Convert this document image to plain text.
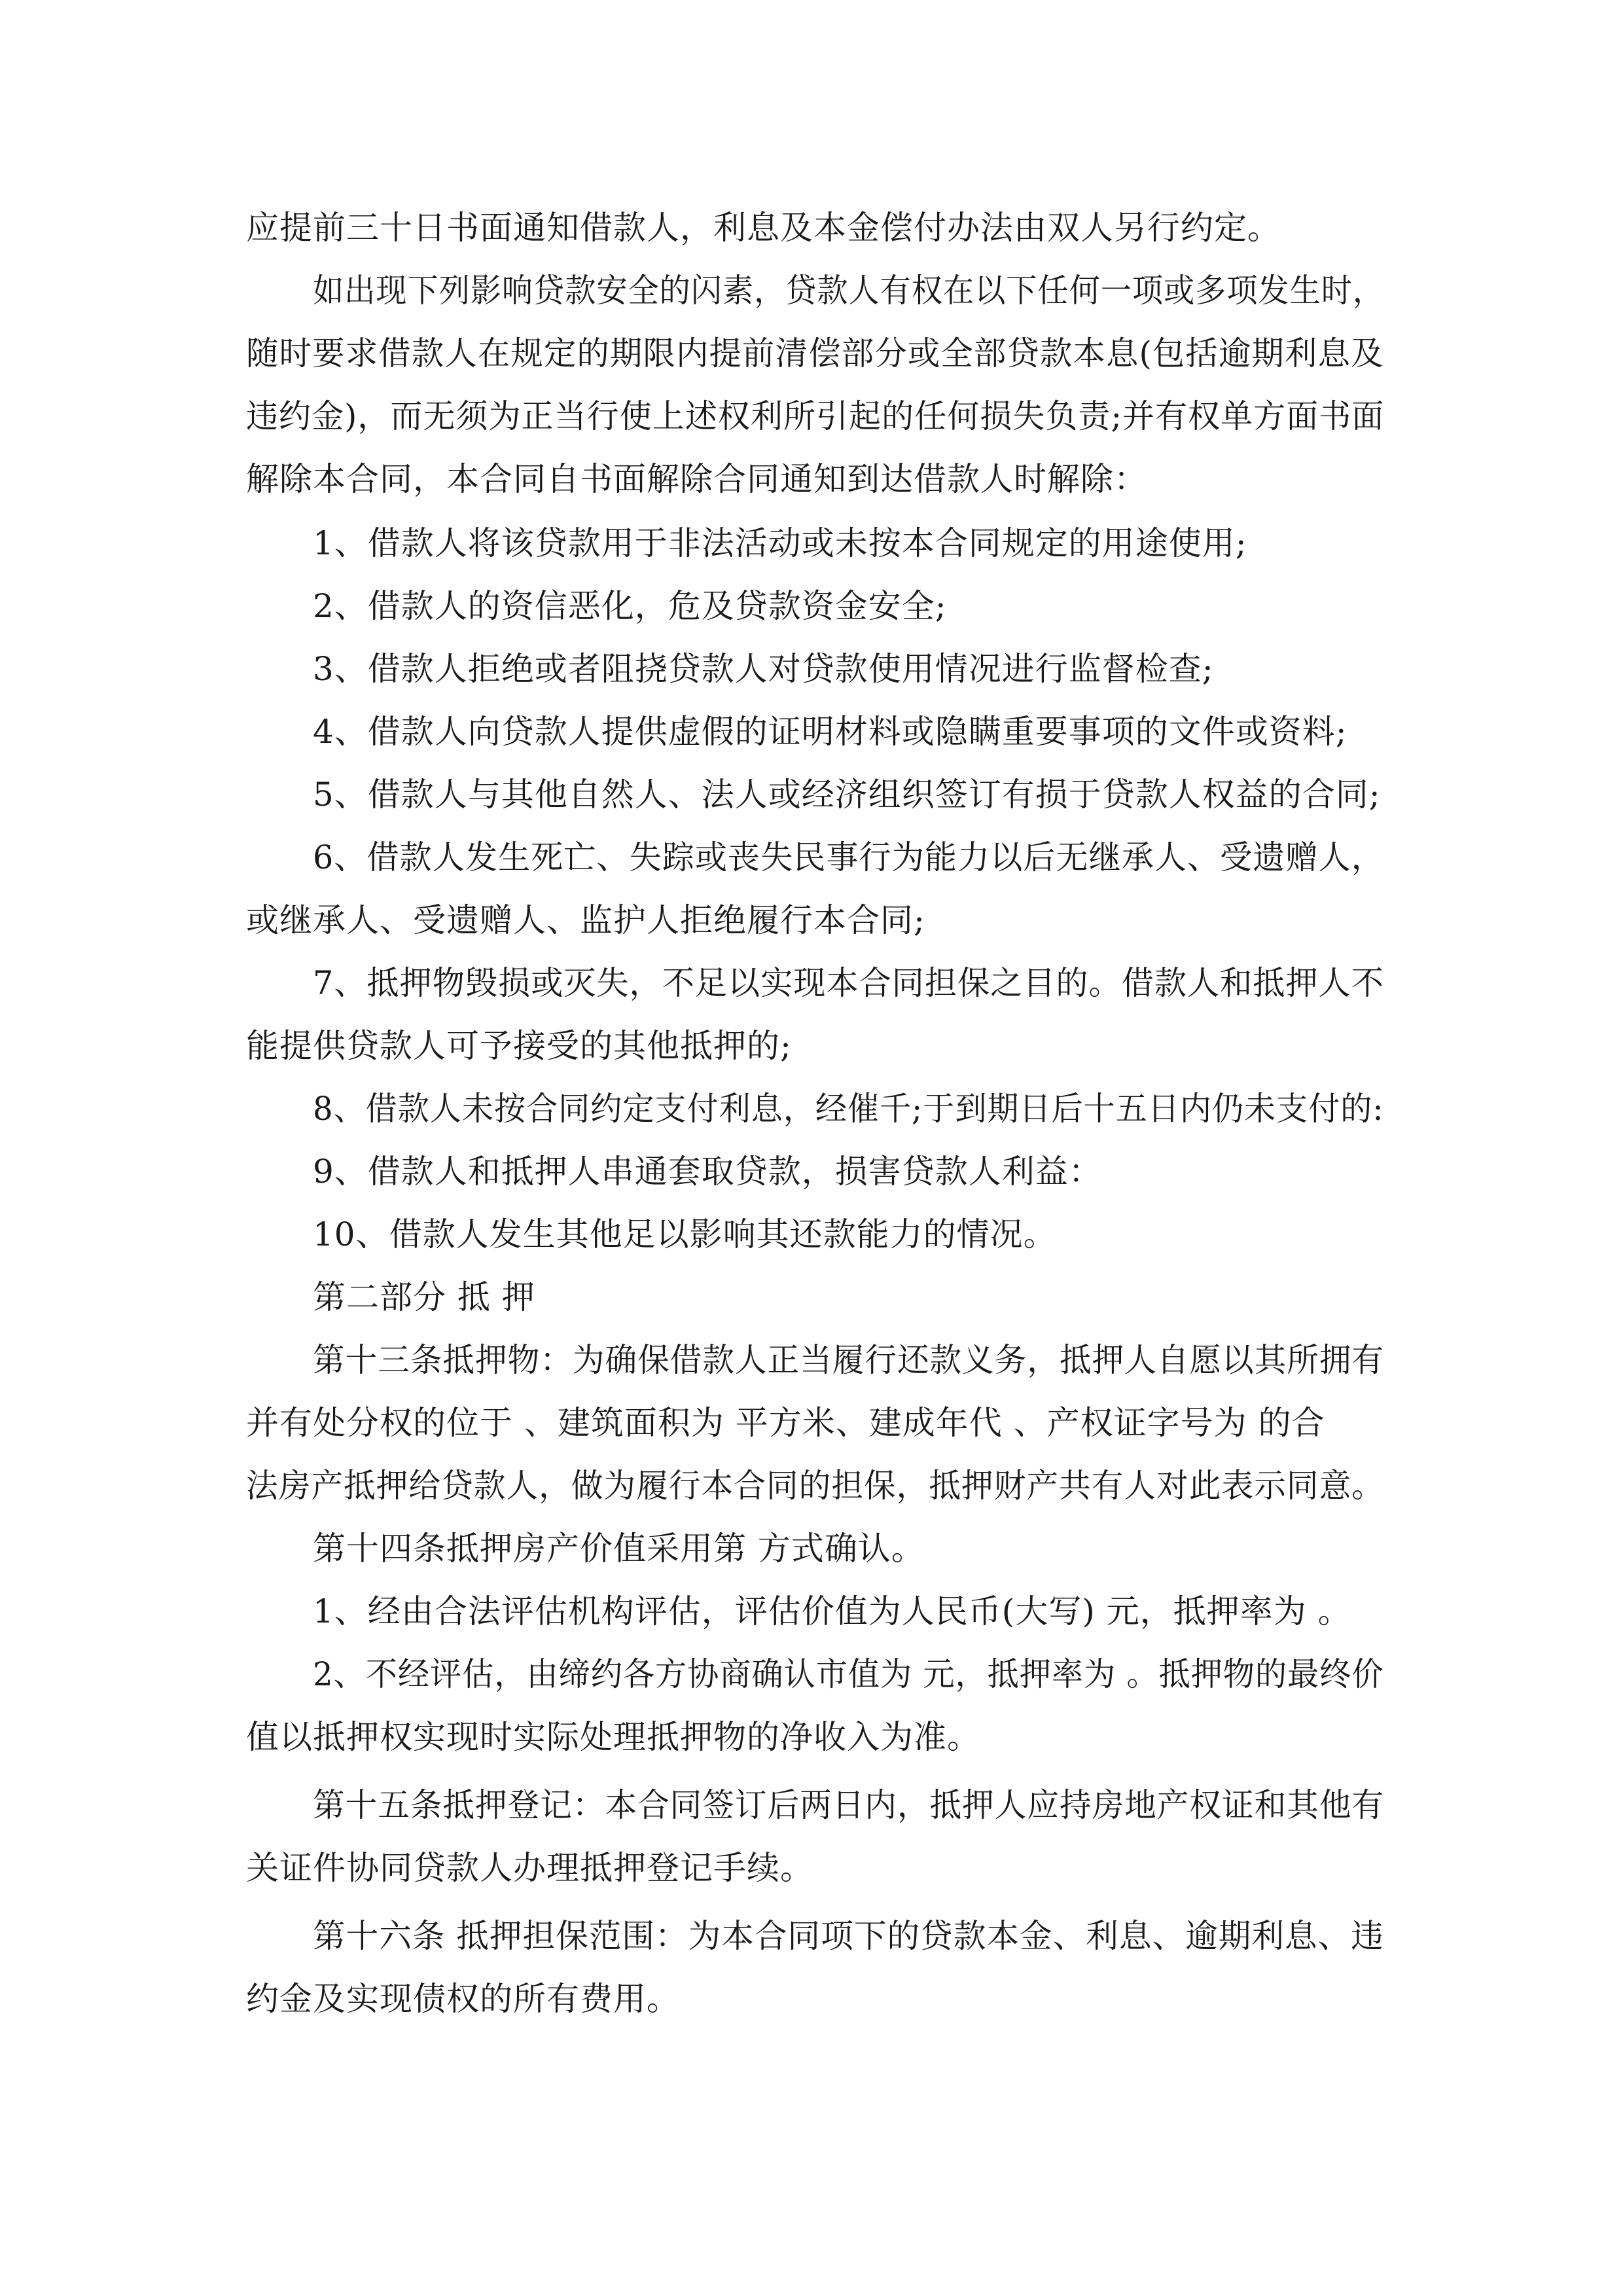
应提前三十日书面通知借款人，利息及本金偿付办法由双人另行约定。
如出现下列影响贷款安全的闪素，贷款人有权在以下任何一项或多项发生时，
随时要求借款人在规定的期限内提前清偿部分或全部贷款本息(包括逾期利息及
违约金)，而无须为正当行使上述权利所引起的任何损失负责;并有权单方面书面
解除本合同，本合同自书面解除合同通知到达借款人时解除：
1、借款人将该贷款用于非法活动或未按本合同规定的用途使用;
2、借款人的资信恶化，危及贷款资金安全;
3、借款人拒绝或者阻挠贷款人对贷款使用情况进行监督检查;
4、借款人向贷款人提供虚假的证明材料或隐瞒重要事项的文件或资料;
5、借款人与其他自然人、法人或经济组织签订有损于贷款人权益的合同;
6、借款人发生死亡、失踪或丧失民事行为能力以后无继承人、受遗赠人，
或继承人、受遗赠人、监护人拒绝履行本合同;
7、抵押物毁损或灭失，不足以实现本合同担保之目的。借款人和抵押人不
能提供贷款人可予接受的其他抵押的;
8、借款人未按合同约定支付利息，经催千;于到期日后十五日内仍未支付的:
9、借款人和抵押人串通套取贷款，损害贷款人利益：
10、借款人发生其他足以影响其还款能力的情况。
第二部分 抵 押
第十三条抵押物：为确保借款人正当履行还款义务，抵押人自愿以其所拥有
并有处分权的位于 、建筑面积为 平方米、建成年代 、产权证字号为 的合
法房产抵押给贷款人，做为履行本合同的担保，抵押财产共有人对此表示同意。
第十四条抵押房产价值采用第 方式确认。
1、经由合法评估机构评估，评估价值为人民币(大写) 元，抵押率为 。
2、不经评估，由缔约各方协商确认市值为 元，抵押率为 。抵押物的最终价
值以抵押权实现时实际处理抵押物的净收入为准。
第十五条抵押登记：本合同签订后两日内，抵押人应持房地产权证和其他有
关证件协同贷款人办理抵押登记手续。
第十六条 抵押担保范围：为本合同项下的贷款本金、利息、逾期利息、违
约金及实现债权的所有费用。
